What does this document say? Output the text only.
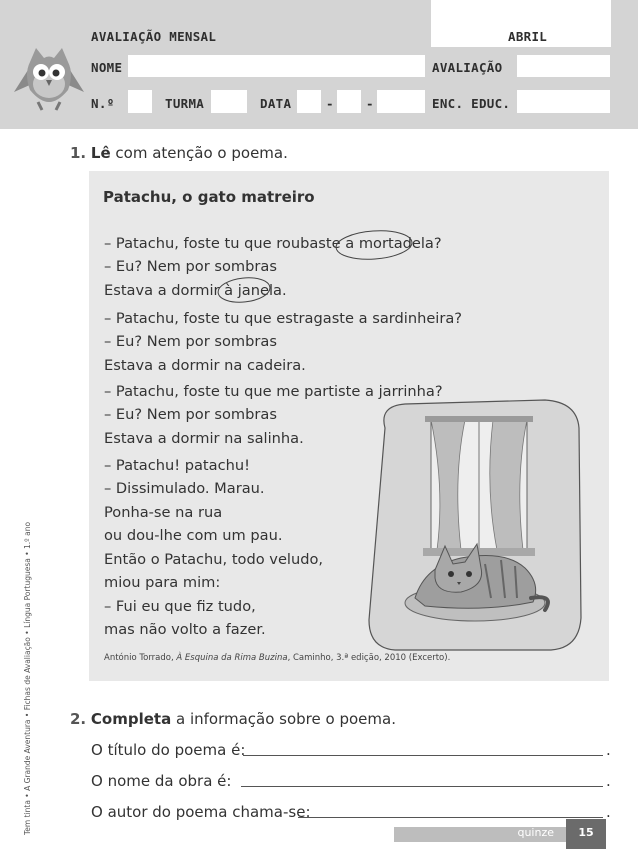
AVALIAÇÃO MENSAL	ABRIL
NOME	AVALIAÇÃO
N.º	TURMA	DATA	-	-	ENC. EDUC.
1. Lê com atenção o poema.
Patachu, o gato matreiro
– Patachu, foste tu que roubaste a mortadela?
– Eu? Nem por sombras
Estava a dormir à janela.
– Patachu, foste tu que estragaste a sardinheira?
– Eu? Nem por sombras
Estava a dormir na cadeira.
– Patachu, foste tu que me partiste a jarrinha?
– Eu? Nem por sombras
Estava a dormir na salinha.
– Patachu! patachu!
– Dissimulado. Marau.
Ponha-se na rua
ou dou-lhe com um pau.
Então o Patachu, todo veludo,
miou para mim:
– Fui eu que fiz tudo,
mas não volto a fazer.
António Torrado, À Esquina da Rima Buzina, Caminho, 3.ª edição, 2010 (Excerto).
Tem tinta • A Grande Aventura • Fichas de Avaliação • Língua Portuguesa • 1.º ano	2. Completa a informação sobre o poema.
O título do poema é:	.
O nome da obra é:	.
O autor do poema chama-se:	.
quinze	15
